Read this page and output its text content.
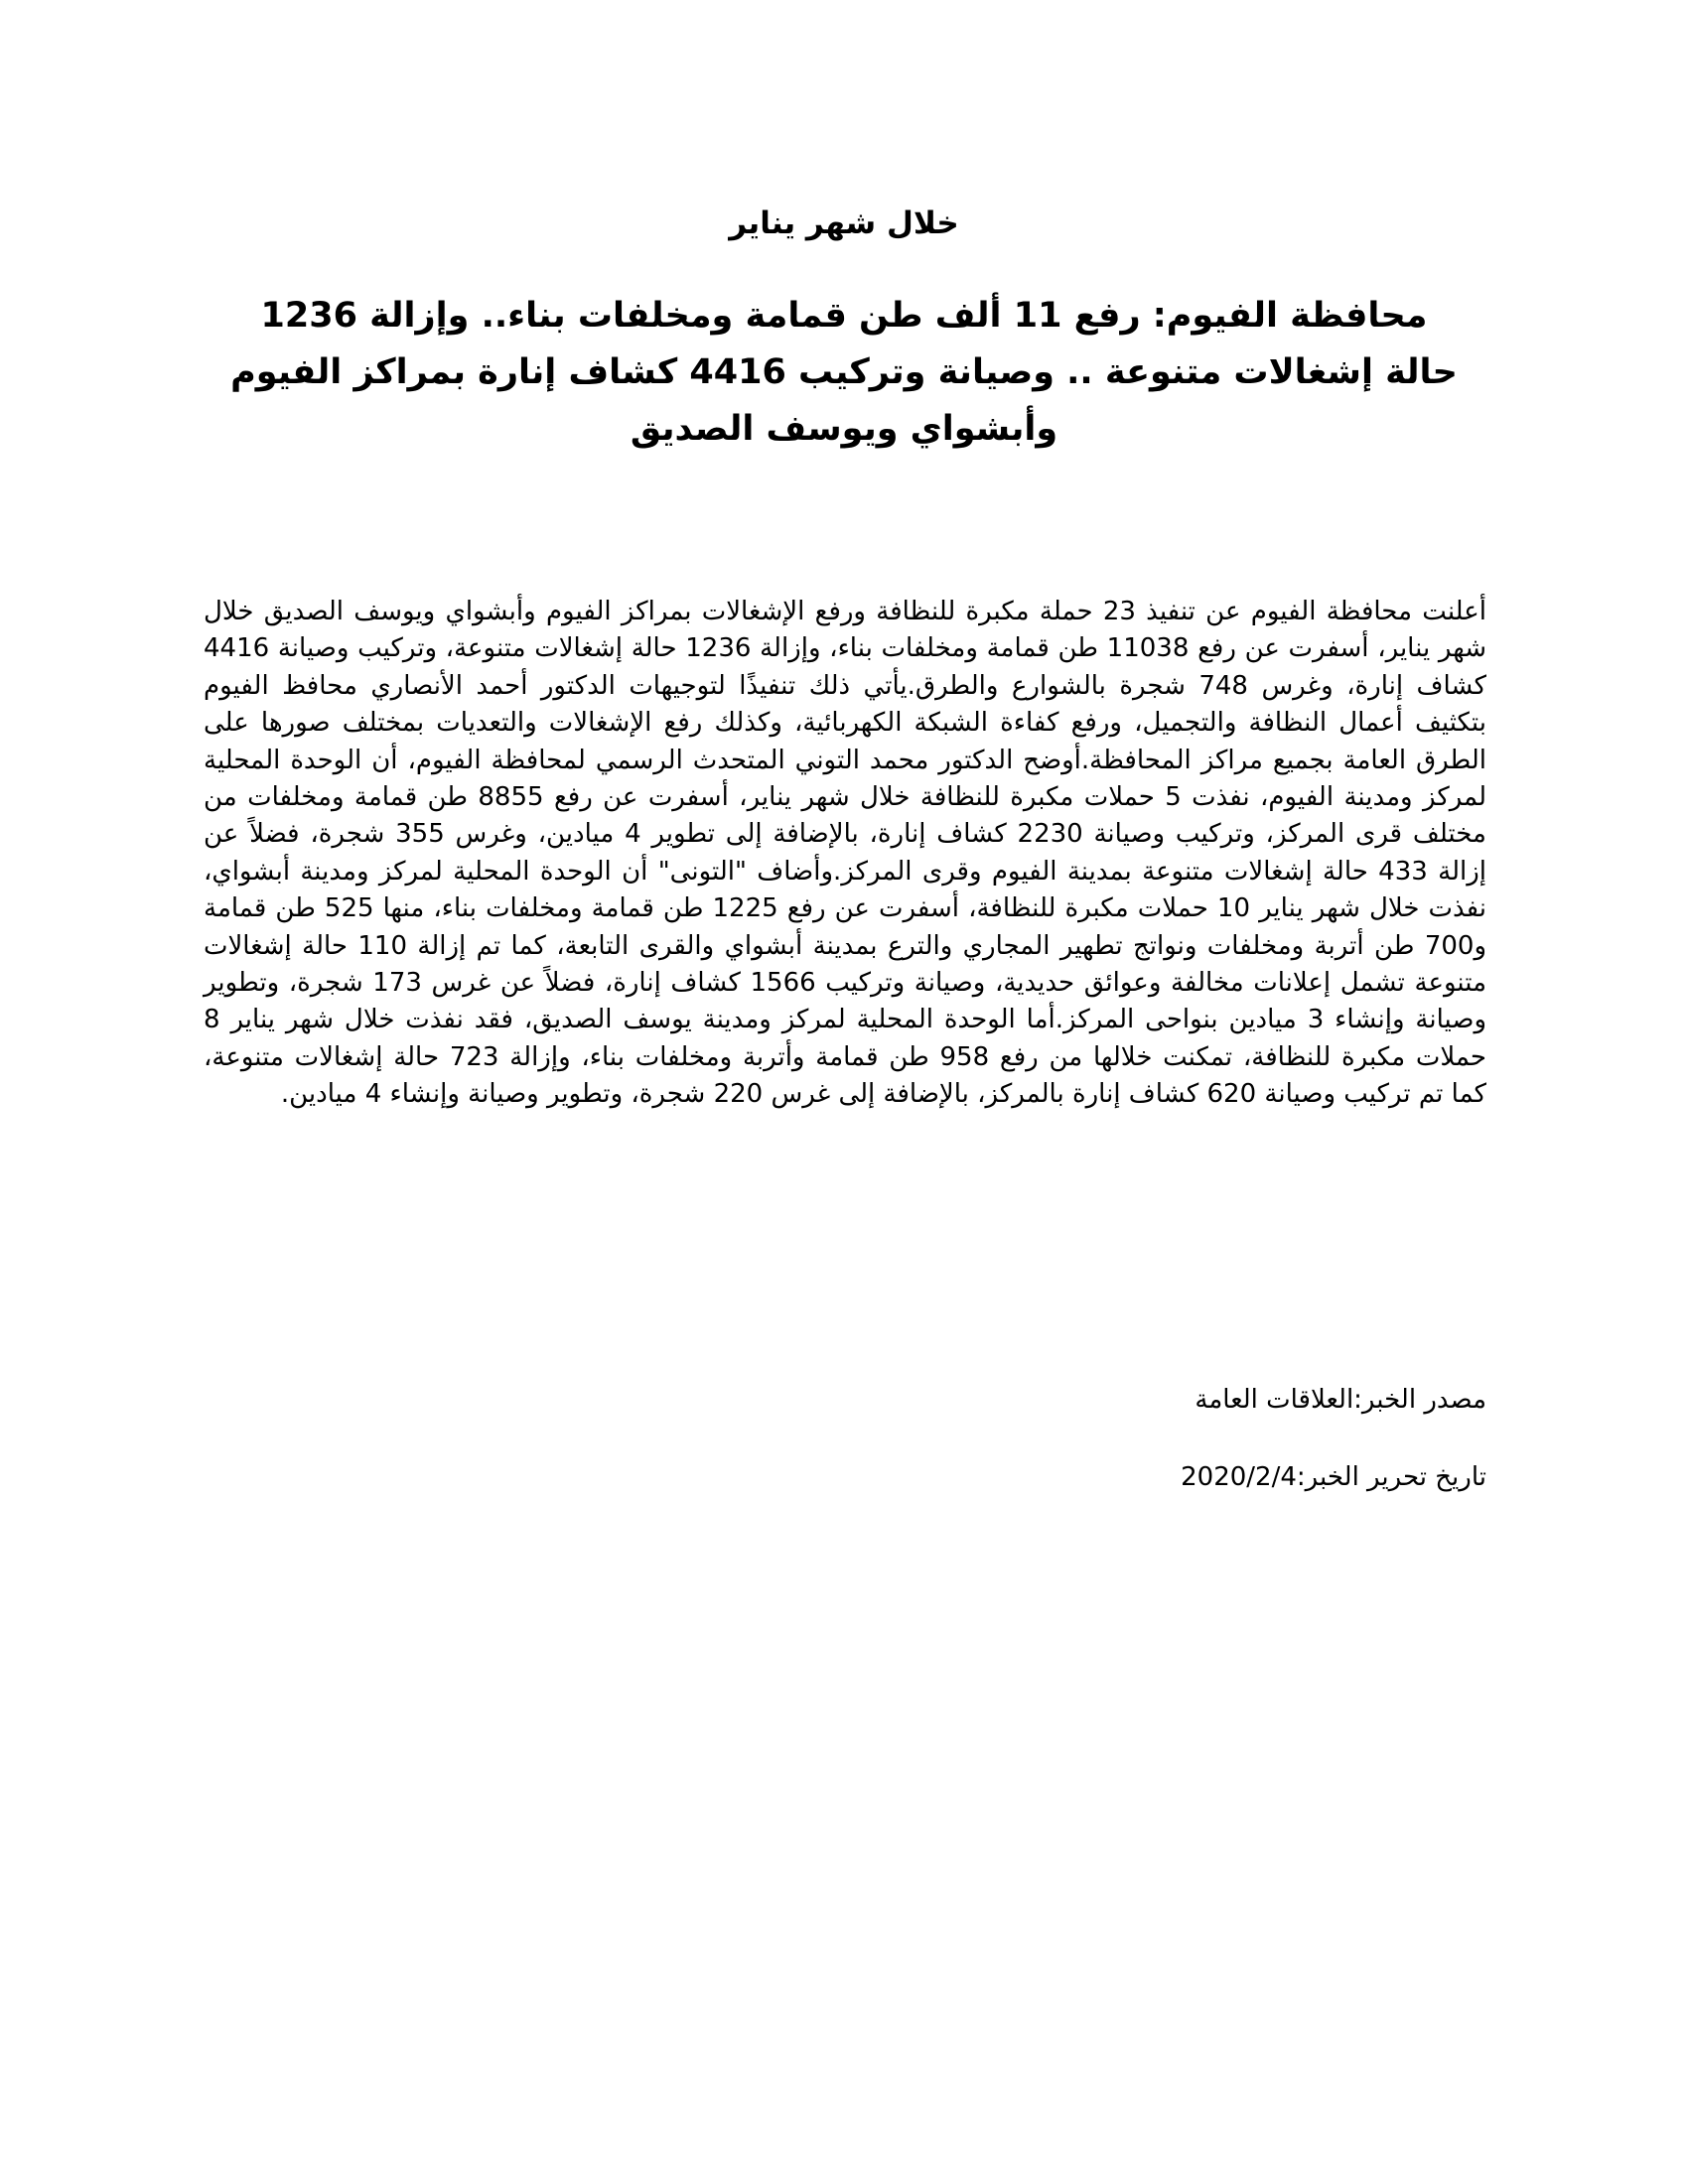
خلال شهر يناير
محافظة الفيوم: رفع 11 ألف طن قمامة ومخلفات بناء.. وإزالة 1236 حالة إشغالات متنوعة .. وصيانة وتركيب 4416 كشاف إنارة بمراكز الفيوم وأبشواي ويوسف الصديق

أعلنت محافظة الفيوم عن تنفيذ 23 حملة مكبرة للنظافة ورفع الإشغالات بمراكز الفيوم وأبشواي ويوسف الصديق خلال شهر يناير، أسفرت عن رفع 11038 طن قمامة ومخلفات بناء، وإزالة 1236 حالة إشغالات متنوعة، وتركيب وصيانة 4416 كشاف إنارة، وغرس 748 شجرة بالشوارع والطرق.يأتي ذلك تنفيذًا لتوجيهات الدكتور أحمد الأنصاري محافظ الفيوم بتكثيف أعمال النظافة والتجميل، ورفع كفاءة الشبكة الكهربائية، وكذلك رفع الإشغالات والتعديات بمختلف صورها على الطرق العامة بجميع مراكز المحافظة.أوضح الدكتور محمد التوني المتحدث الرسمي لمحافظة الفيوم، أن الوحدة المحلية لمركز ومدينة الفيوم، نفذت 5 حملات مكبرة للنظافة خلال شهر يناير، أسفرت عن رفع 8855 طن قمامة ومخلفات من مختلف قرى المركز، وتركيب وصيانة 2230 كشاف إنارة، بالإضافة إلى تطوير 4 ميادين، وغرس 355 شجرة، فضلاً عن إزالة 433 حالة إشغالات متنوعة بمدينة الفيوم وقرى المركز.وأضاف "التونى" أن الوحدة المحلية لمركز ومدينة أبشواي، نفذت خلال شهر يناير 10 حملات مكبرة للنظافة، أسفرت عن رفع 1225 طن قمامة ومخلفات بناء، منها 525 طن قمامة و700 طن أتربة ومخلفات ونواتج تطهير المجاري والترع بمدينة أبشواي والقرى التابعة، كما تم إزالة 110 حالة إشغالات متنوعة تشمل إعلانات مخالفة وعوائق حديدية، وصيانة وتركيب 1566 كشاف إنارة، فضلاً عن غرس 173 شجرة، وتطوير وصيانة وإنشاء 3 ميادين بنواحى المركز.أما الوحدة المحلية لمركز ومدينة يوسف الصديق، فقد نفذت خلال شهر يناير 8 حملات مكبرة للنظافة، تمكنت خلالها من رفع 958 طن قمامة وأتربة ومخلفات بناء، وإزالة 723 حالة إشغالات متنوعة، كما تم تركيب وصيانة 620 كشاف إنارة بالمركز، بالإضافة إلى غرس 220 شجرة، وتطوير وصيانة وإنشاء 4 ميادين.

مصدر الخبر:العلاقات العامة

تاريخ تحرير الخبر:2020/2/4
